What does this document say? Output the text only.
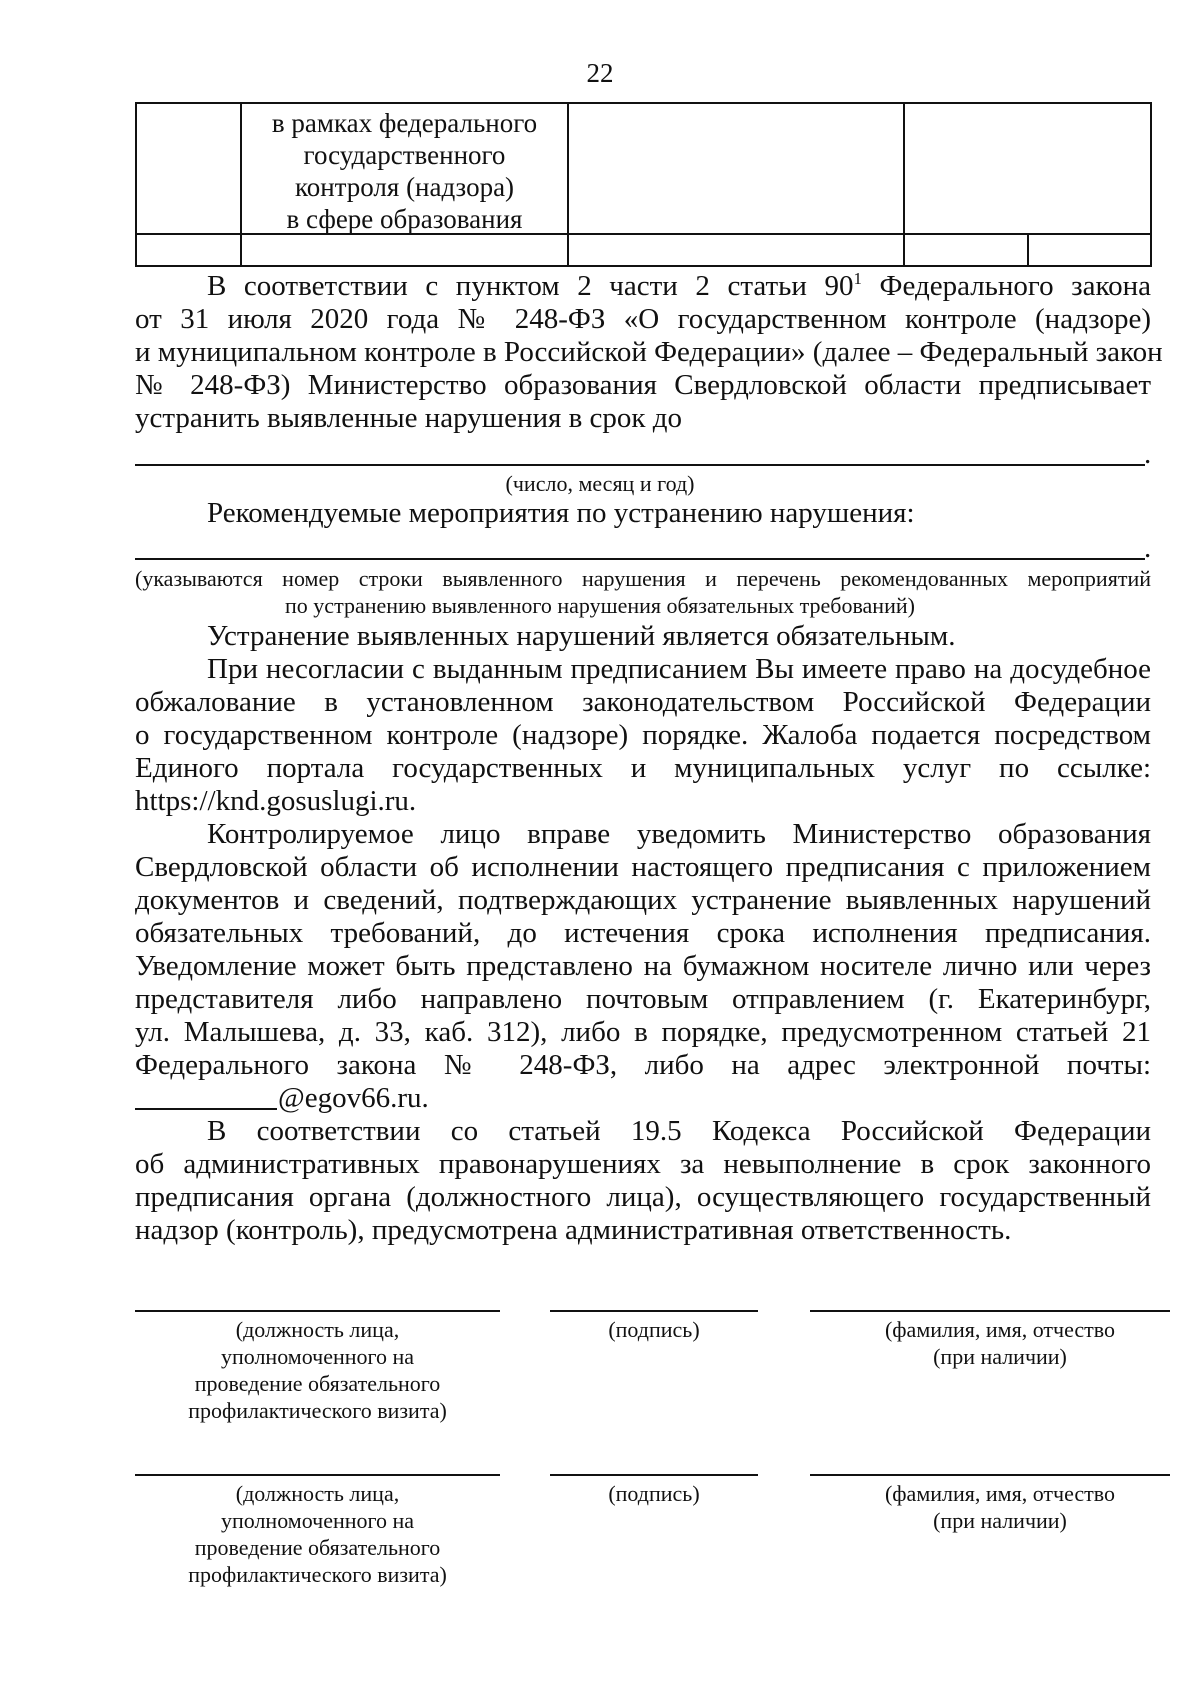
22
в рамках федерального
государственного
контроля (надзора)
в сфере образования
В соответствии с пунктом 2 части 2 статьи $90^1$ Федерального закона
от 31 июля 2020 года № 248-ФЗ «О государственном контроле (надзоре)
и муниципальном контроле в Российской Федерации» (далее – Федеральный закон
№ 248-ФЗ) Министерство образования Свердловской области предписывает
устранить выявленные нарушения в срок до
.
(число, месяц и год)
Рекомендуемые мероприятия по устранению нарушения:
.
(указываются номер строки выявленного нарушения и перечень рекомендованных мероприятий
по устранению выявленного нарушения обязательных требований)
Устранение выявленных нарушений является обязательным.
При несогласии с выданным предписанием Вы имеете право на досудебное
обжалование в установленном законодательством Российской Федерации
о государственном контроле (надзоре) порядке. Жалоба подается посредством
Единого портала государственных и муниципальных услуг по ссылке:
https://knd.gosuslugi.ru.
Контролируемое лицо вправе уведомить Министерство образования
Свердловской области об исполнении настоящего предписания с приложением
документов и сведений, подтверждающих устранение выявленных нарушений
обязательных требований, до истечения срока исполнения предписания.
Уведомление может быть представлено на бумажном носителе лично или через
представителя либо направлено почтовым отправлением (г. Екатеринбург,
ул. Малышева, д. 33, каб. 312), либо в порядке, предусмотренном статьей 21
Федерального закона № 248-ФЗ, либо на адрес электронной почты:
@egov66.ru.
В соответствии со статьей 19.5 Кодекса Российской Федерации
об административных правонарушениях за невыполнение в срок законного
предписания органа (должностного лица), осуществляющего государственный
надзор (контроль), предусмотрена административная ответственность.
(должность лица,
уполномоченного на
проведение обязательного
профилактического визита)
(подпись)	(фамилия, имя, отчество
(при наличии)
(должность лица,
уполномоченного на
проведение обязательного
профилактического визита)
(подпись)	(фамилия, имя, отчество
(при наличии)
